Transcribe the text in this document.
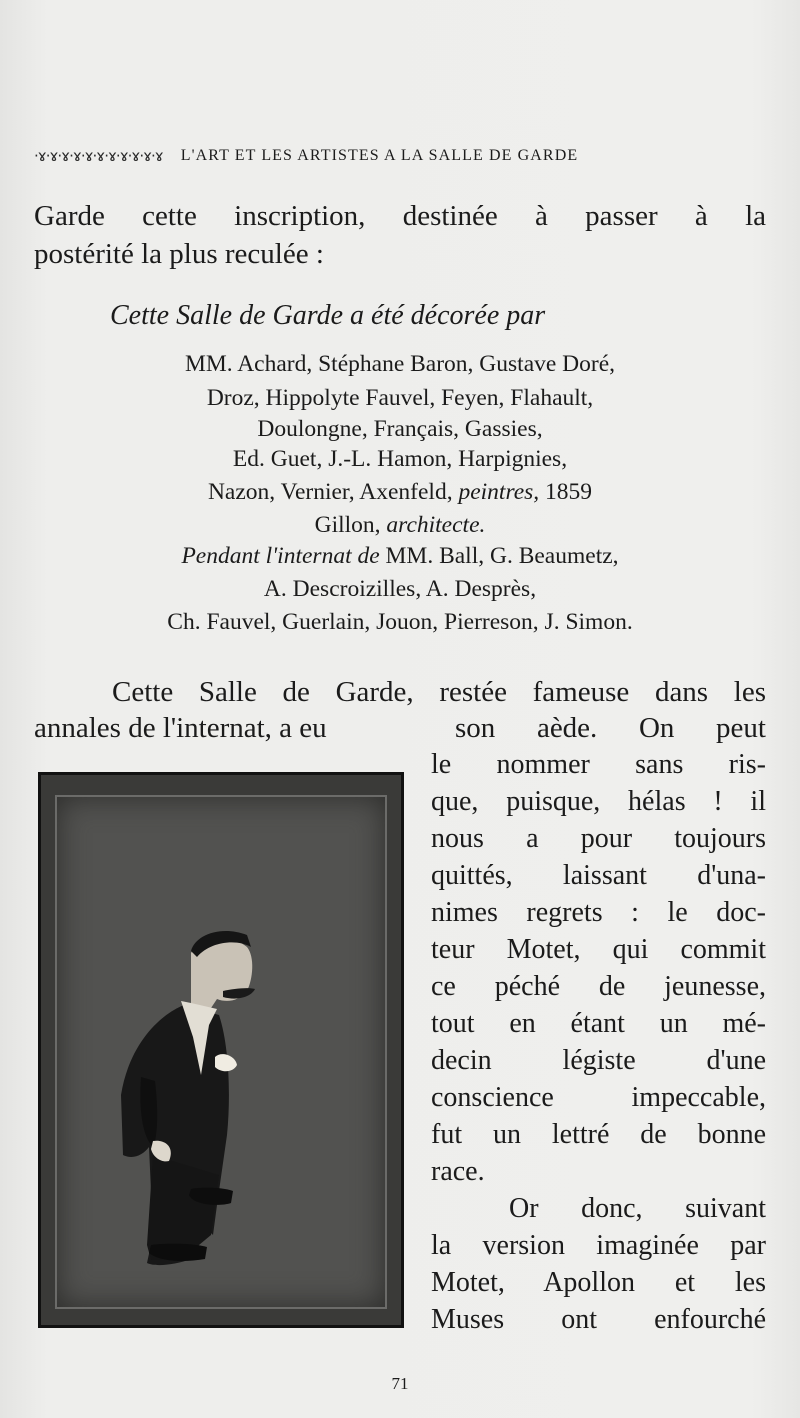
·ɤ·ɤ·ɤ·ɤ·ɤ·ɤ·ɤ·ɤ·ɤ·ɤ·ɤ L'ART ET LES ARTISTES A LA SALLE DE GARDE
Garde cette inscription, destinée à passer à la
postérité la plus reculée :
Cette Salle de Garde a été décorée par
MM. Achard, Stéphane Baron, Gustave Doré,
Droz, Hippolyte Fauvel, Feyen, Flahault,
Doulongne, Français, Gassies,
Ed. Guet, J.-L. Hamon, Harpignies,
Nazon, Vernier, Axenfeld, peintres, 1859
Gillon, architecte.
Pendant l'internat de MM. Ball, G. Beaumetz,
A. Descroizilles, A. Desprès,
Ch. Fauvel, Guerlain, Jouon, Pierreson, J. Simon.
Cette Salle de Garde, restée fameuse dans les
annales de l'internat, a eu	son aède. On peut
le nommer sans ris-
que, puisque, hélas ! il
nous a pour toujours
quittés, laissant d'una-
nimes regrets : le doc-
teur Motet, qui commit
ce péché de jeunesse,
tout en étant un mé-
decin légiste d'une
conscience impeccable,
fut un lettré de bonne
race.
Or donc, suivant
la version imaginée par
Motet, Apollon et les
Muses ont enfourché
71
